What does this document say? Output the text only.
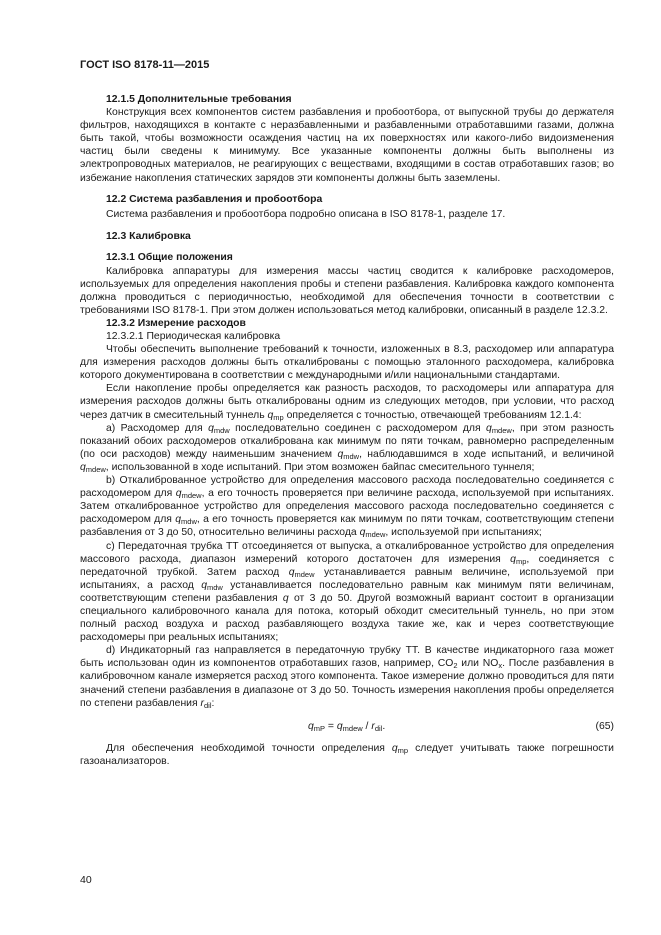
ГОСТ ISO 8178-11—2015

12.1.5 Дополнительные требования

Конструкция всех компонентов систем разбавления и пробоотбора, от выпускной трубы до держателя фильтров, находящихся в контакте с неразбавленными и разбавленными отработавшими газами, должна быть такой, чтобы возможности осаждения частиц на их поверхностях или какого-либо видоизменения частиц были сведены к минимуму. Все указанные компоненты должны быть выполнены из электропроводных материалов, не реагирующих с веществами, входящими в состав отработавших газов; во избежание накопления статических зарядов эти компоненты должны быть заземлены.

12.2 Система разбавления и пробоотбора

Система разбавления и пробоотбора подробно описана в ISO 8178-1, разделе 17.

12.3 Калибровка

12.3.1 Общие положения

Калибровка аппаратуры для измерения массы частиц сводится к калибровке расходомеров, используемых для определения накопления пробы и степени разбавления. Калибровка каждого компонента должна проводиться с периодичностью, необходимой для обеспечения точности в соответствии с требованиями ISO 8178-1. При этом должен использоваться метод калибровки, описанный в разделе 12.3.2.

12.3.2 Измерение расходов

12.3.2.1 Периодическая калибровка

Чтобы обеспечить выполнение требований к точности, изложенных в 8.3, расходомер или аппаратура для измерения расходов должны быть откалиброваны с помощью эталонного расходомера, калибровка которого документирована в соответствии с международными и/или национальными стандартами.

Если накопление пробы определяется как разность расходов, то расходомеры или аппаратура для измерения расходов должны быть откалиброваны одним из следующих методов, при условии, что расход через датчик в смесительный туннель $q_{mp}$ определяется с точностью, отвечающей требованиям 12.1.4:

a) Расходомер для $q_{mdw}$ последовательно соединен с расходомером для $q_{mdew}$, при этом разность показаний обоих расходомеров откалибрована как минимум по пяти точкам, равномерно распределенным (по оси расходов) между наименьшим значением $q_{mdw}$, наблюдавшимся в ходе испытаний, и величиной $q_{mdew}$, использованной в ходе испытаний. При этом возможен байпас смесительного туннеля;

b) Откалиброванное устройство для определения массового расхода последовательно соединяется с расходомером для $q_{mdew}$, а его точность проверяется при величине расхода, используемой при испытаниях. Затем откалиброванное устройство для определения массового расхода последовательно соединяется с расходомером для $q_{mdw}$, а его точность проверяется как минимум по пяти точкам, соответствующим степени разбавления от 3 до 50, относительно величины расхода $q_{mdew}$, используемой при испытаниях;

c) Передаточная трубка ТТ отсоединяется от выпуска, а откалиброванное устройство для определения массового расхода, диапазон измерений которого достаточен для измерения $q_{mp}$, соединяется с передаточной трубкой. Затем расход $q_{mdew}$ устанавливается равным величине, используемой при испытаниях, а расход $q_{mdw}$ устанавливается последовательно равным как минимум пяти величинам, соответствующим степени разбавления q от 3 до 50. Другой возможный вариант состоит в организации специального калибровочного канала для потока, который обходит смесительный туннель, но при этом полный расход воздуха и расход разбавляющего воздуха такие же, как и через соответствующие расходомеры при реальных испытаниях;

d) Индикаторный газ направляется в передаточную трубку ТТ. В качестве индикаторного газа может быть использован один из компонентов отработавших газов, например, $CO_2$ или $NO_x$. После разбавления в калибровочном канале измеряется расход этого компонента. Такое измерение должно проводиться для пяти значений степени разбавления в диапазоне от 3 до 50. Точность измерения накопления пробы определяется по степени разбавления $r_{dil}$:

$q_{mP} = q_{mdew} / r_{dil}$.	(65)

Для обеспечения необходимой точности определения $q_{mp}$ следует учитывать также погрешности газоанализаторов.

40
